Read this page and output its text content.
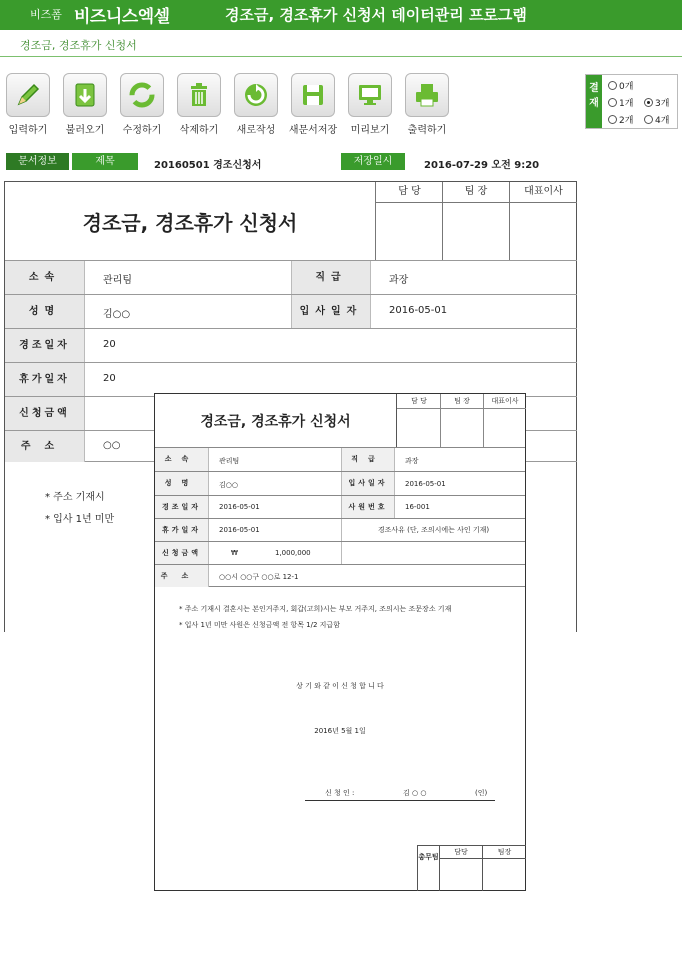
비즈폼 비즈니스엑셀	경조금, 경조휴가 신청서 데이터관리 프로그램
경조금, 경조휴가 신청서
입력하기	불러오기	수정하기	삭제하기	새로작성	새문서저장	미리보기	출력하기
결재
0개
1개 3개
2개 4개
문서정보	제목	20160501 경조신청서	저장일시	2016-07-29 오전 9:20
경조금, 경조휴가 신청서
담 당	팀 장	대표이사
소속	관리팀	직급	과장
성명	김○○	입사일자	2016-05-01
경조일자	20
휴가일자	20
신청금액
주소	○○
* 주소 기재시
* 입사 1년 미만
경조금, 경조휴가 신청서
담 당	팀 장	대표이사
소속	관리팀	직급	과장
성명	김○○	입사일자	2016-05-01
경조일자	2016-05-01	사원번호	16-001
휴가일자	2016-05-01	경조사유 (단, 조의시에는 사인 기재)
신청금액	₩	1,000,000
주소	○○시 ○○구 ○○로 12-1
* 주소 기재시 결혼시는 본인거주지, 회갑(고희)시는 부모 거주지, 조의시는 조문장소 기재
* 입사 1년 미만 사원은 신청금액 전 항목 1/2 지급함
상 기 와 같 이 신 청 합 니 다
2016년 5월 1일
신 청 인 :	김 ○ ○	(인)
총무팀
담당	팀장
